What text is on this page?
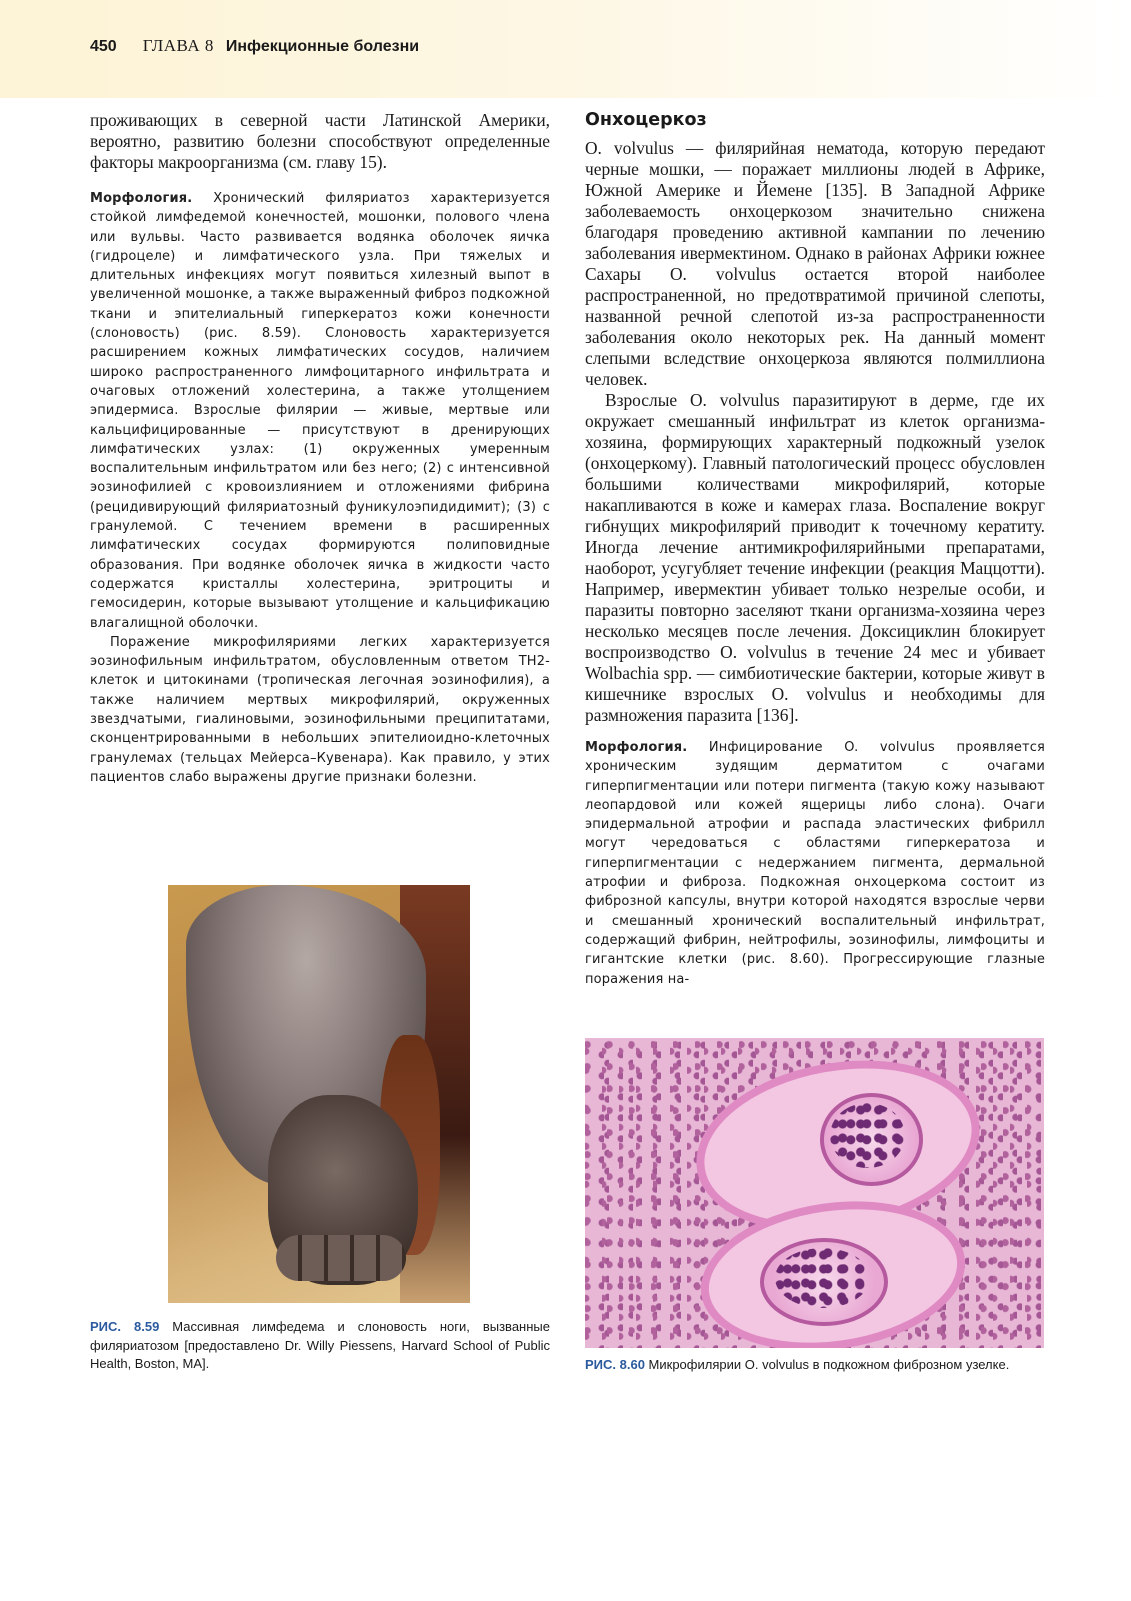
450 ГЛАВА 8 Инфекционные болезни

проживающих в северной части Латинской Америки, вероятно, развитию болезни способствуют определенные факторы макроорганизма (см. главу 15).

Морфология. Хронический филяриатоз характеризуется стойкой лимфедемой конечностей, мошонки, полового члена или вульвы. Часто развивается водянка оболочек яичка (гидроцеле) и лимфатического узла. При тяжелых и длительных инфекциях могут появиться хилезный выпот в увеличенной мошонке, а также выраженный фиброз подкожной ткани и эпителиальный гиперкератоз кожи конечности (слоновость) (рис. 8.59). Слоновость характеризуется расширением кожных лимфатических сосудов, наличием широко распространенного лимфоцитарного инфильтрата и очаговых отложений холестерина, а также утолщением эпидермиса. Взрослые филярии — живые, мертвые или кальцифицированные — присутствуют в дренирующих лимфатических узлах: (1) окруженных умеренным воспалительным инфильтратом или без него; (2) с интенсивной эозинофилией с кровоизлиянием и отложениями фибрина (рецидивирующий филяриатозный фуникулоэпидидимит); (3) с гранулемой. С течением времени в расширенных лимфатических сосудах формируются полиповидные образования. При водянке оболочек яичка в жидкости часто содержатся кристаллы холестерина, эритроциты и гемосидерин, которые вызывают утолщение и кальцификацию влагалищной оболочки.

Поражение микрофиляриями легких характеризуется эозинофильным инфильтратом, обусловленным ответом TH2-клеток и цитокинами (тропическая легочная эозинофилия), а также наличием мертвых микрофилярий, окруженных звездчатыми, гиалиновыми, эозинофильными преципитатами, сконцентрированными в небольших эпителиоидно-клеточных гранулемах (тельцах Мейерса–Кувенара). Как правило, у этих пациентов слабо выражены другие признаки болезни.

РИС. 8.59 Массивная лимфедема и слоновость ноги, вызванные филяриатозом [предоставлено Dr. Willy Piessens, Harvard School of Public Health, Boston, MA].

Онхоцеркоз

O. volvulus — филярийная нематода, которую передают черные мошки, — поражает миллионы людей в Африке, Южной Америке и Йемене [135]. В Западной Африке заболеваемость онхоцеркозом значительно снижена благодаря проведению активной кампании по лечению заболевания ивермектином. Однако в районах Африки южнее Сахары O. volvulus остается второй наиболее распространенной, но предотвратимой причиной слепоты, названной речной слепотой из-за распространенности заболевания около некоторых рек. На данный момент слепыми вследствие онхоцеркоза являются полмиллиона человек.

Взрослые O. volvulus паразитируют в дерме, где их окружает смешанный инфильтрат из клеток организма-хозяина, формирующих характерный подкожный узелок (онхоцеркому). Главный патологический процесс обусловлен большими количествами микрофилярий, которые накапливаются в коже и камерах глаза. Воспаление вокруг гибнущих микрофилярий приводит к точечному кератиту. Иногда лечение антимикрофилярийными препаратами, наоборот, усугубляет течение инфекции (реакция Маццотти). Например, ивермектин убивает только незрелые особи, и паразиты повторно заселяют ткани организма-хозяина через несколько месяцев после лечения. Доксициклин блокирует воспроизводство O. volvulus в течение 24 мес и убивает Wolbachia spp. — симбиотические бактерии, которые живут в кишечнике взрослых O. volvulus и необходимы для размножения паразита [136].

Морфология. Инфицирование O. volvulus проявляется хроническим зудящим дерматитом с очагами гиперпигментации или потери пигмента (такую кожу называют леопардовой или кожей ящерицы либо слона). Очаги эпидермальной атрофии и распада эластических фибрилл могут чередоваться с областями гиперкератоза и гиперпигментации с недержанием пигмента, дермальной атрофии и фиброза. Подкожная онхоцеркома состоит из фиброзной капсулы, внутри которой находятся взрослые черви и смешанный хронический воспалительный инфильтрат, содержащий фибрин, нейтрофилы, эозинофилы, лимфоциты и гигантские клетки (рис. 8.60). Прогрессирующие глазные поражения на-

РИС. 8.60 Микрофилярии O. volvulus в подкожном фиброзном узелке.
